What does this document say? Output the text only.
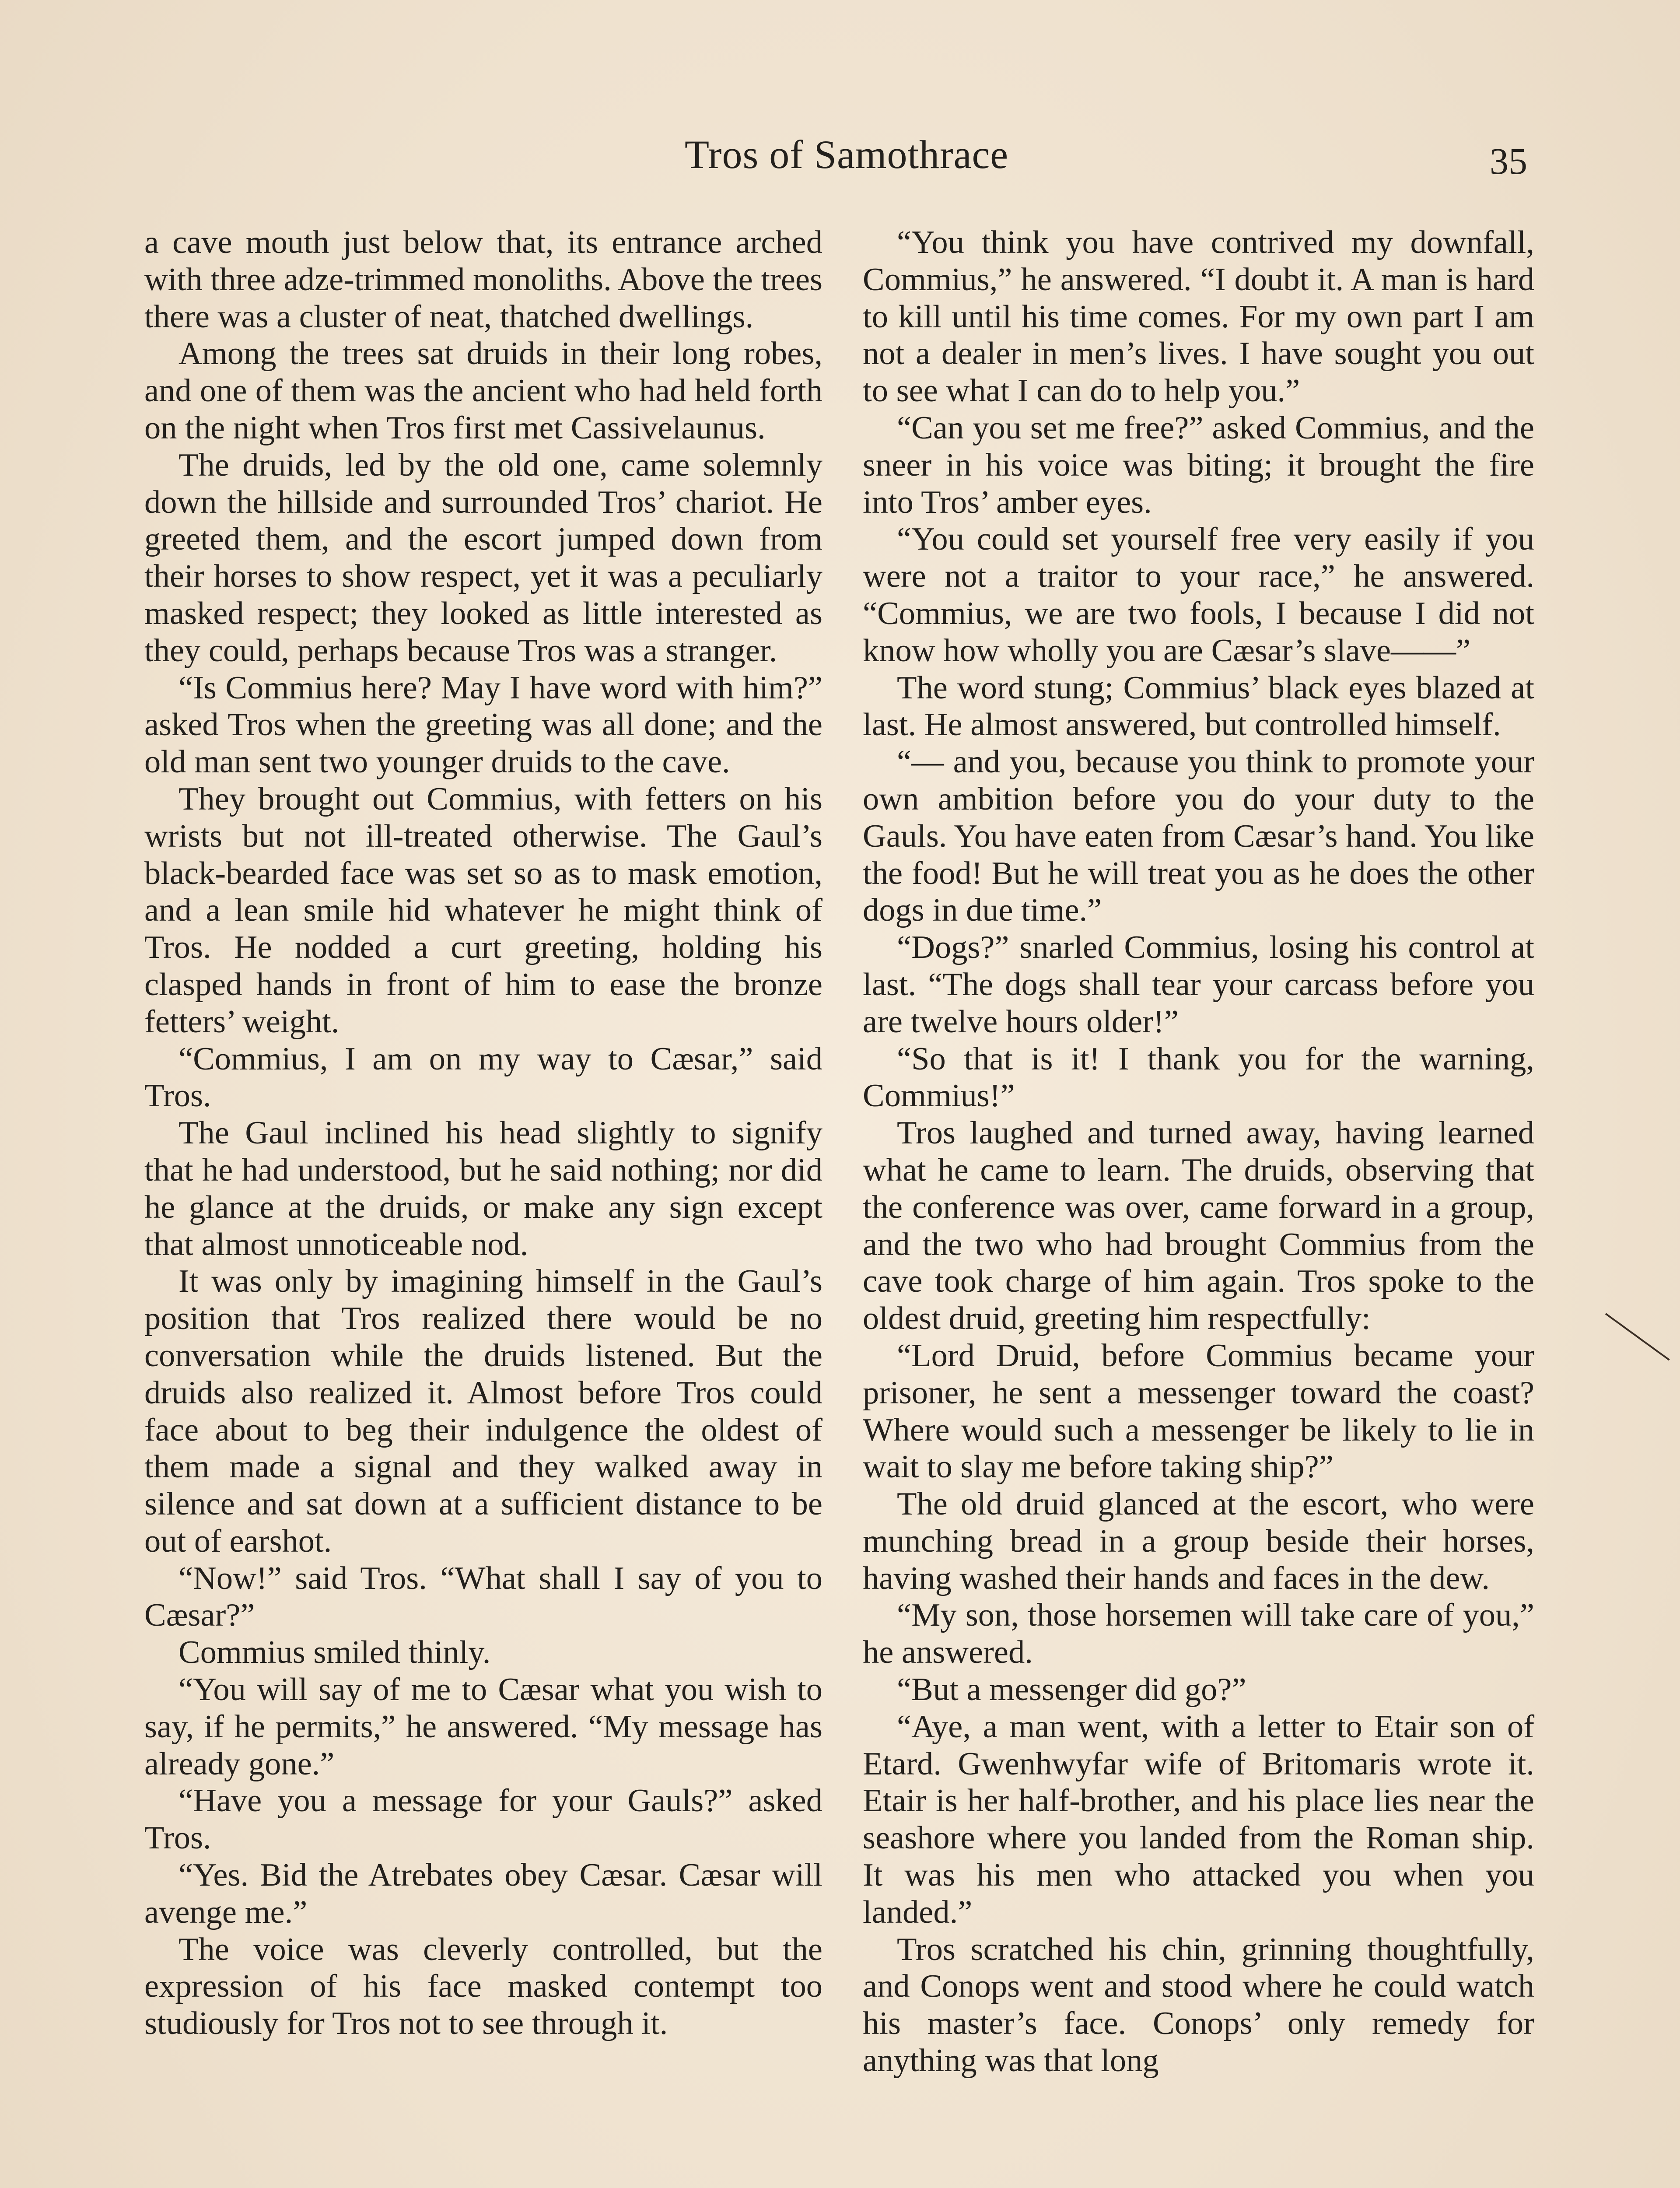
Tros of Samothrace	35

a cave mouth just below that, its entrance arched with three adze-trimmed monoliths. Above the trees there was a cluster of neat, thatched dwellings.

Among the trees sat druids in their long robes, and one of them was the ancient who had held forth on the night when Tros first met Cassivelaunus.

The druids, led by the old one, came solemnly down the hillside and surrounded Tros’ chariot. He greeted them, and the escort jumped down from their horses to show respect, yet it was a peculiarly masked respect; they looked as little interested as they could, perhaps because Tros was a stranger.

“Is Commius here? May I have word with him?” asked Tros when the greeting was all done; and the old man sent two younger druids to the cave.

They brought out Commius, with fetters on his wrists but not ill-treated otherwise. The Gaul’s black-bearded face was set so as to mask emotion, and a lean smile hid whatever he might think of Tros. He nodded a curt greeting, holding his clasped hands in front of him to ease the bronze fetters’ weight.

“Commius, I am on my way to Cæsar,” said Tros.

The Gaul inclined his head slightly to signify that he had understood, but he said nothing; nor did he glance at the druids, or make any sign except that almost unnoticeable nod.

It was only by imagining himself in the Gaul’s position that Tros realized there would be no conversation while the druids listened. But the druids also realized it. Almost before Tros could face about to beg their indulgence the oldest of them made a signal and they walked away in silence and sat down at a sufficient distance to be out of earshot.

“Now!” said Tros. “What shall I say of you to Cæsar?”

Commius smiled thinly.

“You will say of me to Cæsar what you wish to say, if he permits,” he answered. “My message has already gone.”

“Have you a message for your Gauls?” asked Tros.

“Yes. Bid the Atrebates obey Cæsar. Cæsar will avenge me.”

The voice was cleverly controlled, but the expression of his face masked contempt too studiously for Tros not to see through it.

“You think you have contrived my downfall, Commius,” he answered. “I doubt it. A man is hard to kill until his time comes. For my own part I am not a dealer in men’s lives. I have sought you out to see what I can do to help you.”

“Can you set me free?” asked Commius, and the sneer in his voice was biting; it brought the fire into Tros’ amber eyes.

“You could set yourself free very easily if you were not a traitor to your race,” he answered. “Commius, we are two fools, I because I did not know how wholly you are Cæsar’s slave——”

The word stung; Commius’ black eyes blazed at last. He almost answered, but controlled himself.

“— and you, because you think to promote your own ambition before you do your duty to the Gauls. You have eaten from Cæsar’s hand. You like the food! But he will treat you as he does the other dogs in due time.”

“Dogs?” snarled Commius, losing his control at last. “The dogs shall tear your carcass before you are twelve hours older!”

“So that is it! I thank you for the warning, Commius!”

Tros laughed and turned away, having learned what he came to learn. The druids, observing that the conference was over, came forward in a group, and the two who had brought Commius from the cave took charge of him again. Tros spoke to the oldest druid, greeting him respectfully:

“Lord Druid, before Commius became your prisoner, he sent a messenger toward the coast? Where would such a messenger be likely to lie in wait to slay me before taking ship?”

The old druid glanced at the escort, who were munching bread in a group beside their horses, having washed their hands and faces in the dew.

“My son, those horsemen will take care of you,” he answered.

“But a messenger did go?”

“Aye, a man went, with a letter to Etair son of Etard. Gwenhwyfar wife of Britomaris wrote it. Etair is her half-brother, and his place lies near the seashore where you landed from the Roman ship. It was his men who attacked you when you landed.”

Tros scratched his chin, grinning thoughtfully, and Conops went and stood where he could watch his master’s face. Conops’ only remedy for anything was that long
